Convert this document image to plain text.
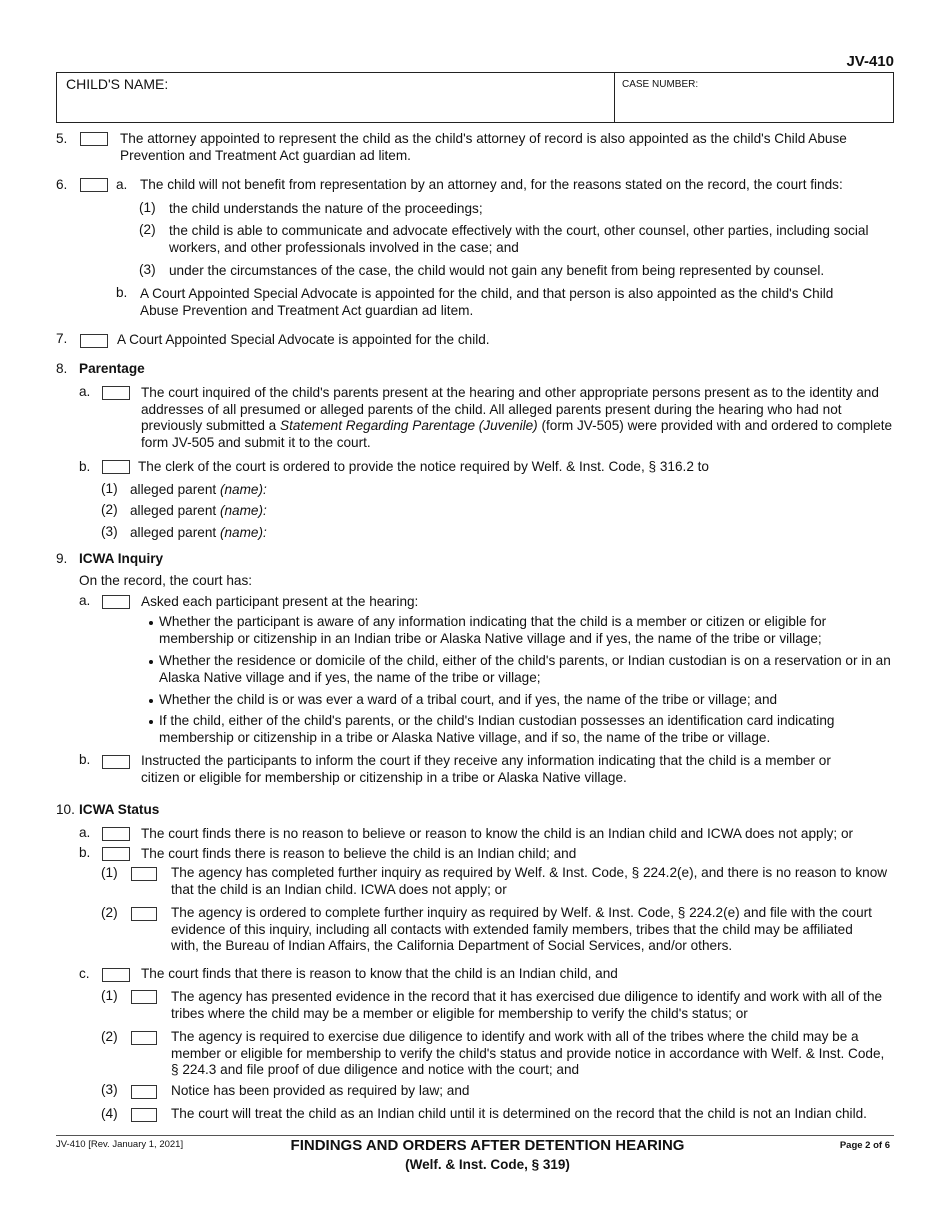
JV-410
CHILD'S NAME:	CASE NUMBER:
5.	The attorney appointed to represent the child as the child's attorney of record is also appointed as the child's Child Abuse Prevention and Treatment Act guardian ad litem.
6.	a. The child will not benefit from representation by an attorney and, for the reasons stated on the record, the court finds:
(1) the child understands the nature of the proceedings;
(2) the child is able to communicate and advocate effectively with the court, other counsel, other parties, including social workers, and other professionals involved in the case; and
(3) under the circumstances of the case, the child would not gain any benefit from being represented by counsel.
b. A Court Appointed Special Advocate is appointed for the child, and that person is also appointed as the child's Child Abuse Prevention and Treatment Act guardian ad litem.
7.	A Court Appointed Special Advocate is appointed for the child.
8. Parentage
a.	The court inquired of the child's parents present at the hearing and other appropriate persons present as to the identity and addresses of all presumed or alleged parents of the child. All alleged parents present during the hearing who had not previously submitted a Statement Regarding Parentage (Juvenile) (form JV-505) were provided with and ordered to complete form JV-505 and submit it to the court.
b.	The clerk of the court is ordered to provide the notice required by Welf. & Inst. Code, § 316.2 to
(1) alleged parent (name):
(2) alleged parent (name):
(3) alleged parent (name):
9. ICWA Inquiry
On the record, the court has:
a.	Asked each participant present at the hearing:
Whether the participant is aware of any information indicating that the child is a member or citizen or eligible for membership or citizenship in an Indian tribe or Alaska Native village and if yes, the name of the tribe or village;
Whether the residence or domicile of the child, either of the child's parents, or Indian custodian is on a reservation or in an Alaska Native village and if yes, the name of the tribe or village;
Whether the child is or was ever a ward of a tribal court, and if yes, the name of the tribe or village; and
If the child, either of the child's parents, or the child's Indian custodian possesses an identification card indicating membership or citizenship in a tribe or Alaska Native village, and if so, the name of the tribe or village.
b.	Instructed the participants to inform the court if they receive any information indicating that the child is a member or citizen or eligible for membership or citizenship in a tribe or Alaska Native village.
10. ICWA Status
a.	The court finds there is no reason to believe or reason to know the child is an Indian child and ICWA does not apply; or
b.	The court finds there is reason to believe the child is an Indian child; and
(1)	The agency has completed further inquiry as required by Welf. & Inst. Code, § 224.2(e), and there is no reason to know that the child is an Indian child. ICWA does not apply; or
(2)	The agency is ordered to complete further inquiry as required by Welf. & Inst. Code, § 224.2(e) and file with the court evidence of this inquiry, including all contacts with extended family members, tribes that the child may be affiliated with, the Bureau of Indian Affairs, the California Department of Social Services, and/or others.
c.	The court finds that there is reason to know that the child is an Indian child, and
(1)	The agency has presented evidence in the record that it has exercised due diligence to identify and work with all of the tribes where the child may be a member or eligible for membership to verify the child's status; or
(2)	The agency is required to exercise due diligence to identify and work with all of the tribes where the child may be a member or eligible for membership to verify the child's status and provide notice in accordance with Welf. & Inst. Code, § 224.3 and file proof of due diligence and notice with the court; and
(3)	Notice has been provided as required by law; and
(4)	The court will treat the child as an Indian child until it is determined on the record that the child is not an Indian child.
JV-410 [Rev. January 1, 2021]	FINDINGS AND ORDERS AFTER DETENTION HEARING
(Welf. & Inst. Code, § 319)
Page 2 of 6
